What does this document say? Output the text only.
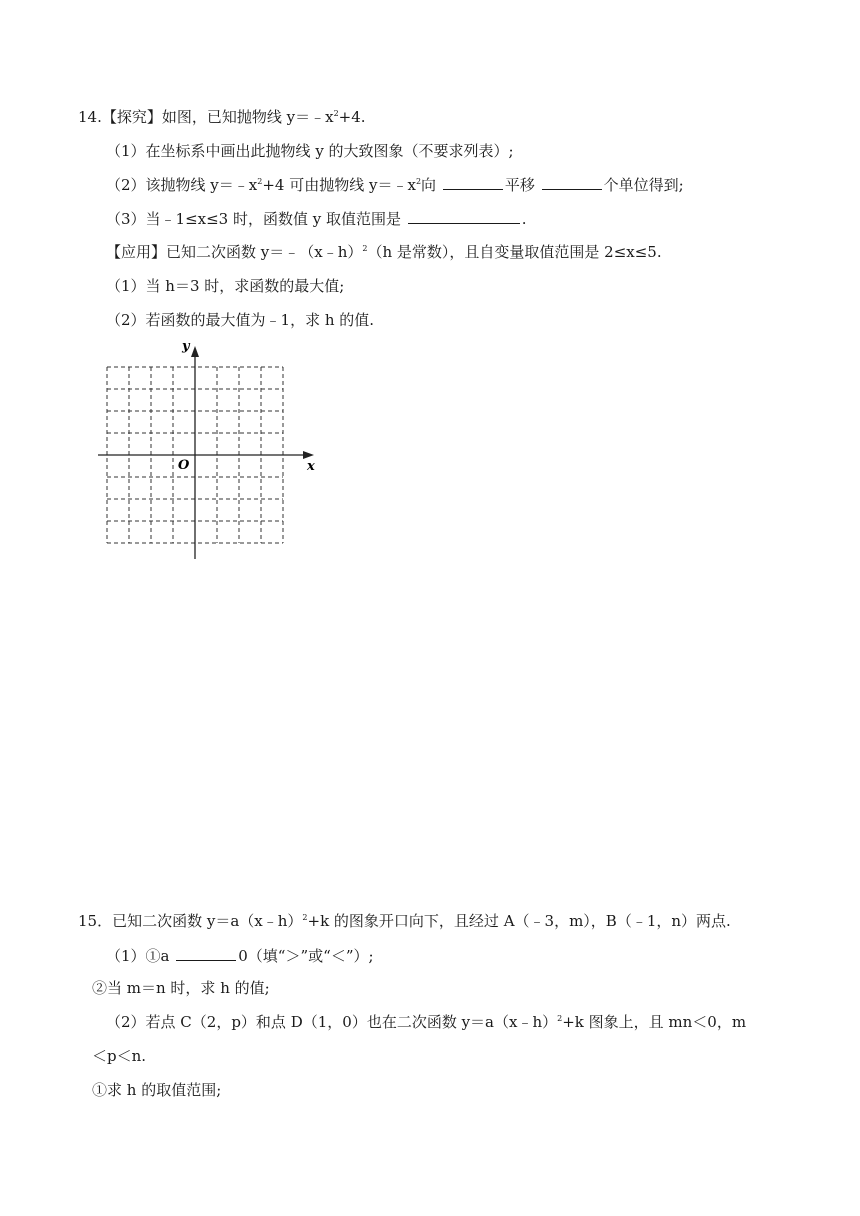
14.【探究】如图，已知抛物线 $y=﹣x^2+4$.
（1）在坐标系中画出此抛物线 y 的大致图象（不要求列表）;
（2）该抛物线 $y=﹣x^2+4$ 可由抛物线 $y=﹣x^2$向	平移	个单位得到;
（3）当﹣1≤x≤3 时，函数值 y 取值范围是	.
【应用】已知二次函数 y＝﹣（x﹣h）$^2$（h 是常数），且自变量取值范围是 2≤x≤5.
（1）当 h＝3 时，求函数的最大值;
（2）若函数的最大值为﹣1，求 h 的值.
x
y
O
15．已知二次函数 y＝a（x﹣h）$^2$+k 的图象开口向下，且经过 A（﹣3，m），B（﹣1，n）两点.
（1）①a	0（填“＞”或“＜”）;
②当 m＝n 时，求 h 的值;
（2）若点 C（2，p）和点 D（1，0）也在二次函数 y＝a（x﹣h）$^2$+k 图象上，且 mn＜0，m
＜p＜n.
①求 h 的取值范围;
